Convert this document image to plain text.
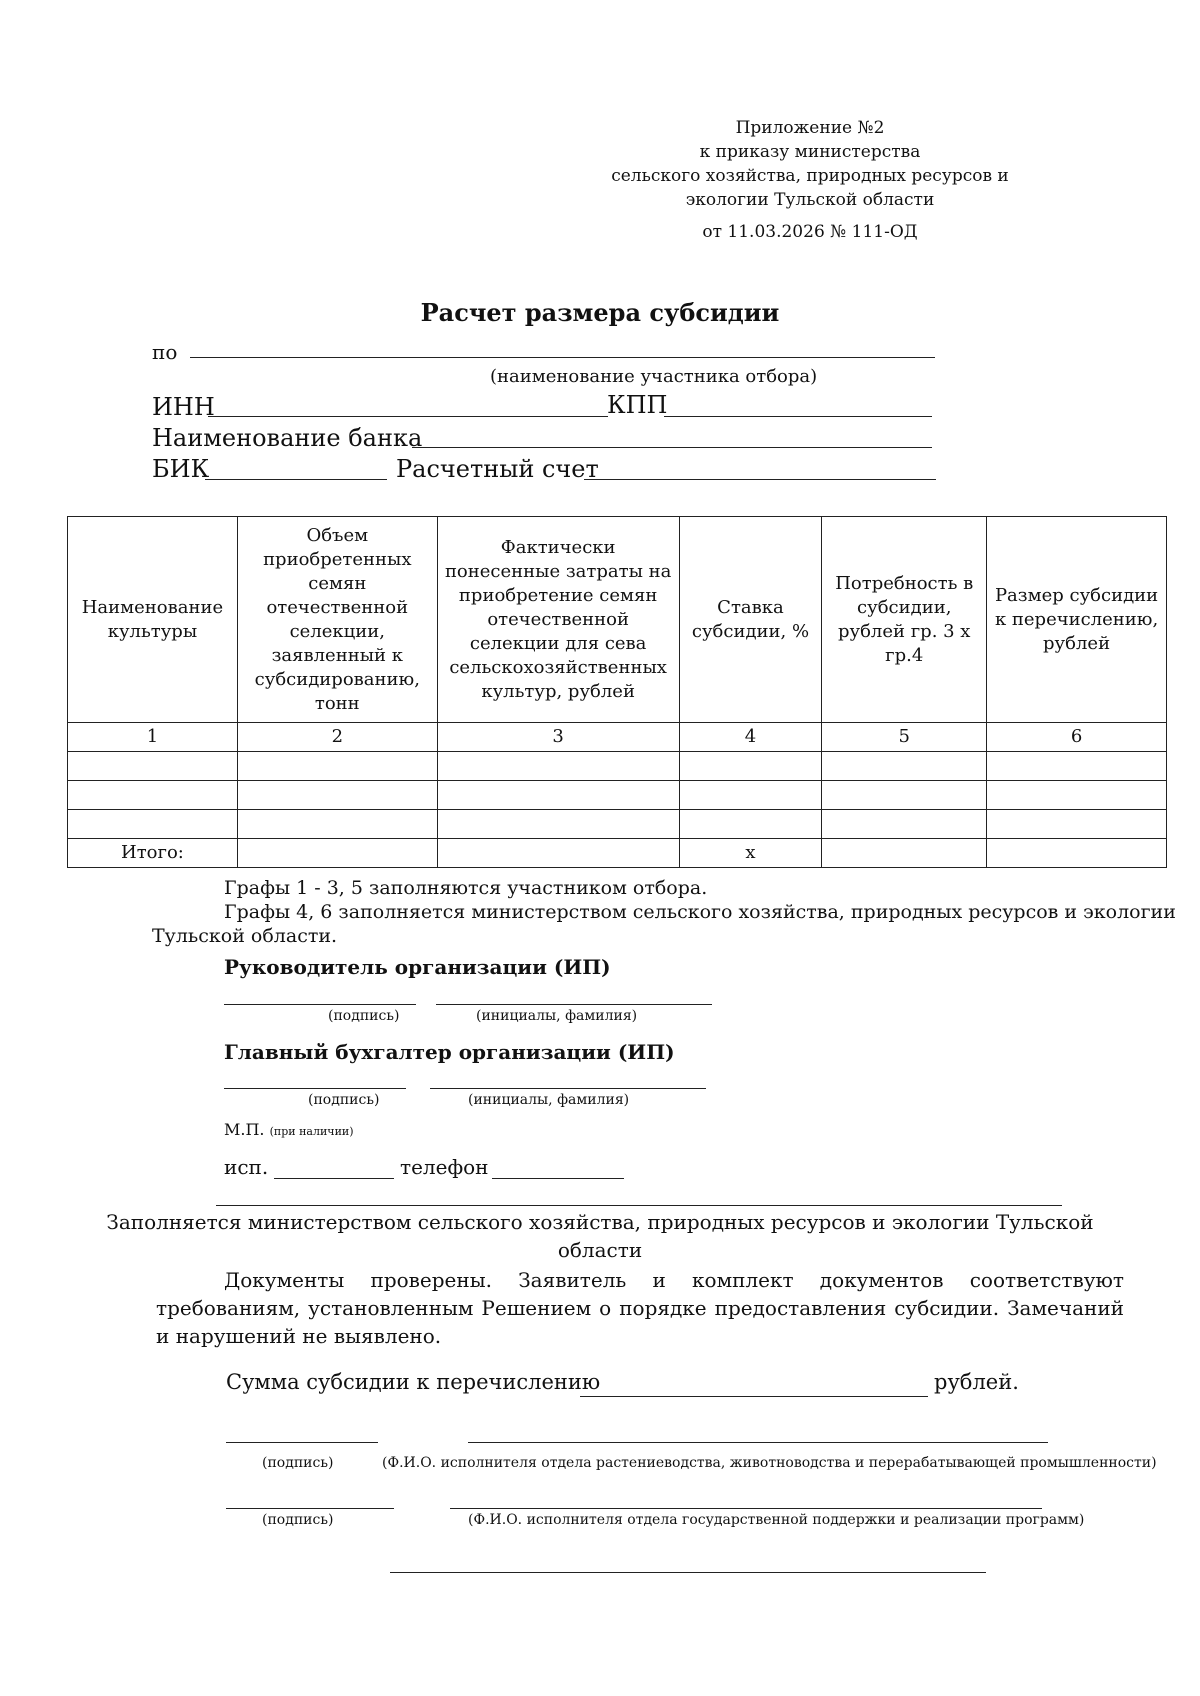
Приложение №2
к приказу министерства
сельского хозяйства, природных ресурсов и
экологии Тульской области
от 11.03.2026 № 111-ОД
Расчет размера субсидии
по
(наименование участника отбора)
ИНН	КПП
Наименование банка
БИК	Расчетный счет
Наименование культуры	Объем приобретенных семян отечественной селекции, заявленный к субсидированию, тонн	Фактически понесенные затраты на приобретение семян отечественной селекции для сева сельскохозяйственных культур, рублей	Ставка субсидии, %	Потребность в субсидии, рублей гр. 3 х гр.4	Размер субсидии к перечислению, рублей
1	2	3	4	5	6

Итого:			х		
Графы 1 - 3, 5 заполняются участником отбора.
Графы 4, 6 заполняется министерством сельского хозяйства, природных ресурсов и экологии
Тульской области.
Руководитель организации (ИП)
(подпись)	(инициалы, фамилия)
Главный бухгалтер организации (ИП)
(подпись)	(инициалы, фамилия)
М.П. (при наличии)
исп.	телефон
Заполняется министерством сельского хозяйства, природных ресурсов и экологии Тульской
области
Документы проверены. Заявитель и комплект документов соответствуют требованиям, установленным Решением о порядке предоставления субсидии. Замечаний и нарушений не выявлено.
Сумма субсидии к перечислению	рублей.
(подпись)	(Ф.И.О. исполнителя отдела растениеводства, животноводства и перерабатывающей промышленности)
(подпись)	(Ф.И.О. исполнителя отдела государственной поддержки и реализации программ)
